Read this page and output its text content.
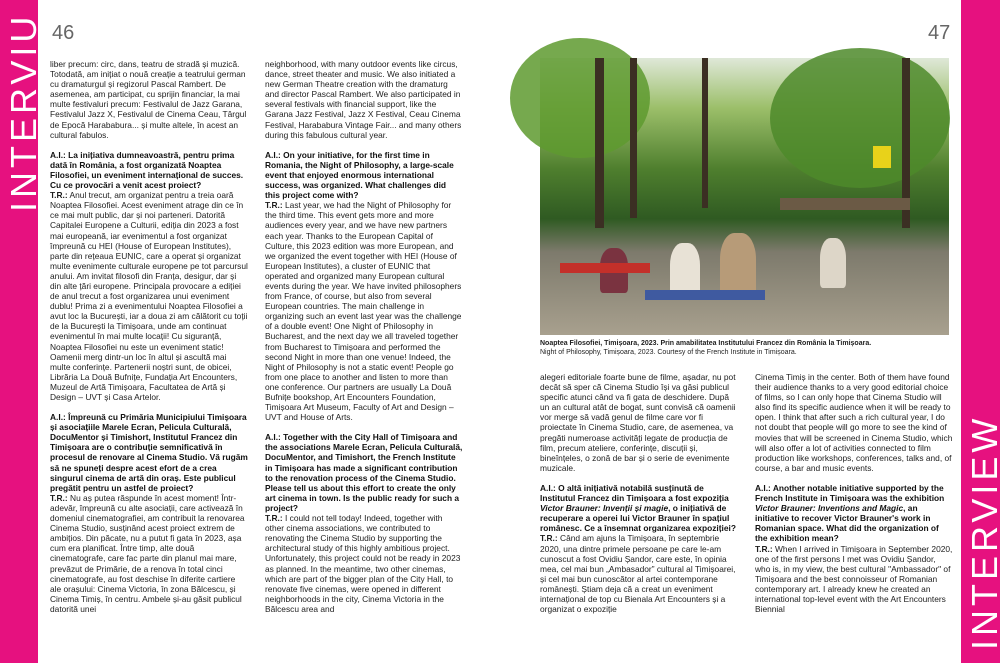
INTERVIU
INTERVIEW
46	47

liber precum: circ, dans, teatru de stradă și muzică. Totodată, am inițiat o nouă creație a teatrului german cu dramaturgul și regizorul Pascal Rambert. De asemenea, am participat, cu sprijin financiar, la mai multe festivaluri precum: Festivalul de Jazz Garana, Festivalul Jazz X, Festivalul de Cinema Ceau, Târgul de Epocă Harababura... și multe altele, în acest an cultural fabulos.

A.I.: La inițiativa dumneavoastră, pentru prima dată în România, a fost organizată Noaptea Filosofiei, un eveniment internațional de succes. Cu ce provocări a venit acest proiect?
T.R.: Anul trecut, am organizat pentru a treia oară Noaptea Filosofiei. Acest eveniment atrage din ce în ce mai mult public, dar și noi parteneri. Datorită Capitalei Europene a Culturii, ediția din 2023 a fost mai europeană, iar evenimentul a fost organizat împreună cu HEI (House of European Institutes), parte din rețeaua EUNIC, care a operat și organizat multe evenimente culturale europene pe tot parcursul anului. Am invitat filosofi din Franța, desigur, dar și din alte țări europene. Principala provocare a ediției de anul trecut a fost organizarea unui eveniment dublu! Prima zi a evenimentului Noaptea Filosofiei a avut loc la București, iar a doua zi am călătorit cu toții de la București la Timișoara, unde am continuat evenimentul în mai multe locații! Cu siguranță, Noaptea Filosofiei nu este un eveniment static! Oamenii merg dintr-un loc în altul și ascultă mai multe conferințe. Partenerii noștri sunt, de obicei, Librăria La Două Bufnițe, Fundația Art Encounters, Muzeul de Artă Timișoara, Facultatea de Artă și Design – UVT și Casa Artelor.

A.I.: Împreună cu Primăria Municipiului Timișoara și asociațiile Marele Ecran, Pelicula Culturală, DocuMentor și Timishort, Institutul Francez din Timișoara are o contribuție semnificativă în procesul de renovare al Cinema Studio. Vă rugăm să ne spuneți despre acest efort de a crea singurul cinema de artă din oraș. Este publicul pregătit pentru un astfel de proiect?
T.R.: Nu aș putea răspunde în acest moment! Într-adevăr, împreună cu alte asociații, care activează în domeniul cinematografiei, am contribuit la renovarea Cinema Studio, susținând acest proiect extrem de ambițios. Din păcate, nu a putut fi gata în 2023, așa cum era planificat. Între timp, alte două cinematografe, care fac parte din planul mai mare, prevăzut de Primărie, de a renova în total cinci cinematografe, au fost deschise în diferite cartiere ale orașului: Cinema Victoria, în zona Bălcescu, și Cinema Timiș, în centru. Ambele și-au găsit publicul datorită unei

neighborhood, with many outdoor events like circus, dance, street theater and music. We also initiated a new German Theatre creation with the dramaturg and director Pascal Rambert. We also participated in several festivals with financial support, like the Garana Jazz Festival, Jazz X Festival, Ceau Cinema Festival, Harababura Vintage Fair... and many others during this fabulous cultural year.

A.I.: On your initiative, for the first time in Romania, the Night of Philosophy, a large-scale event that enjoyed enormous international success, was organized. What challenges did this project come with?
T.R.: Last year, we had the Night of Philosophy for the third time. This event gets more and more audiences every year, and we have new partners each year. Thanks to the European Capital of Culture, this 2023 edition was more European, and we organized the event together with HEI (House of European Institutes), a cluster of EUNIC that operated and organized many European cultural events during the year. We have invited philosophers from France, of course, but also from several European countries. The main challenge in organizing such an event last year was the challenge of a double event! One Night of Philosophy in Bucharest, and the next day we all traveled together from Bucharest to Timișoara and performed the second Night in more than one venue! Indeed, the Night of Philosophy is not a static event! People go from one place to another and listen to more than one conference. Our partners are usually La Două Bufnițe bookshop, Art Encounters Foundation, Timișoara Art Museum, Faculty of Art and Design – UVT and House of Arts.

A.I.: Together with the City Hall of Timișoara and the associations Marele Ecran, Pelicula Culturală, DocuMentor, and Timishort, the French Institute in Timișoara has made a significant contribution to the renovation process of the Cinema Studio. Please tell us about this effort to create the only art cinema in town. Is the public ready for such a project?
T.R.: I could not tell today! Indeed, together with other cinema associations, we contributed to renovating the Cinema Studio by supporting the architectural study of this highly ambitious project. Unfortunately, this project could not be ready in 2023 as planned. In the meantime, two other cinemas, which are part of the bigger plan of the City Hall, to renovate five cinemas, were opened in different neighborhoods in the city, Cinema Victoria in the Bălcescu area and

Noaptea Filosofiei, Timișoara, 2023. Prin amabilitatea Institutului Francez din România la Timișoara.
Night of Philosophy, Timișoara, 2023. Courtesy of the French Institute in Timișoara.

alegeri editoriale foarte bune de filme, așadar, nu pot decât să sper că Cinema Studio își va găsi publicul specific atunci când va fi gata de deschidere. După un an cultural atât de bogat, sunt convisă că oamenii vor merge să vadă genul de filme care vor fi proiectate în Cinema Studio, care, de asemenea, va pregăti numeroase activități legate de producția de film, precum ateliere, conferințe, discuții și, bineînțeles, o zonă de bar și o serie de evenimente muzicale.

A.I.: O altă inițiativă notabilă susținută de Institutul Francez din Timișoara a fost expoziția Victor Brauner: Invenții și magie, o inițiativă de recuperare a operei lui Victor Brauner în spațiul românesc. Ce a însemnat organizarea expoziției?
T.R.: Când am ajuns la Timișoara, în septembrie 2020, una dintre primele persoane pe care le-am cunoscut a fost Ovidiu Șandor, care este, în opinia mea, cel mai bun „Ambasador” cultural al Timișoarei, și cel mai bun cunoscător al artei contemporane românești. Știam deja că a creat un eveniment internațional de top cu Bienala Art Encounters și a organizat o expoziție

Cinema Timiș in the center. Both of them have found their audience thanks to a very good editorial choice of films, so I can only hope that Cinema Studio will also find its specific audience when it will be ready to open. I think that after such a rich cultural year, I do not doubt that people will go more to see the kind of movies that will be screened in Cinema Studio, which will also offer a lot of activities connected to film production like workshops, conferences, talks and, of course, a bar and music events.

A.I.: Another notable initiative supported by the French Institute in Timișoara was the exhibition Victor Brauner: Inventions and Magic, an initiative to recover Victor Brauner's work in Romanian space. What did the organization of the exhibition mean?
T.R.: When I arrived in Timișoara in September 2020, one of the first persons I met was Ovidiu Șandor, who is, in my view, the best cultural "Ambassador" of Timișoara and the best connoisseur of Romanian contemporary art. I already knew he created an international top-level event with the Art Encounters Biennial
